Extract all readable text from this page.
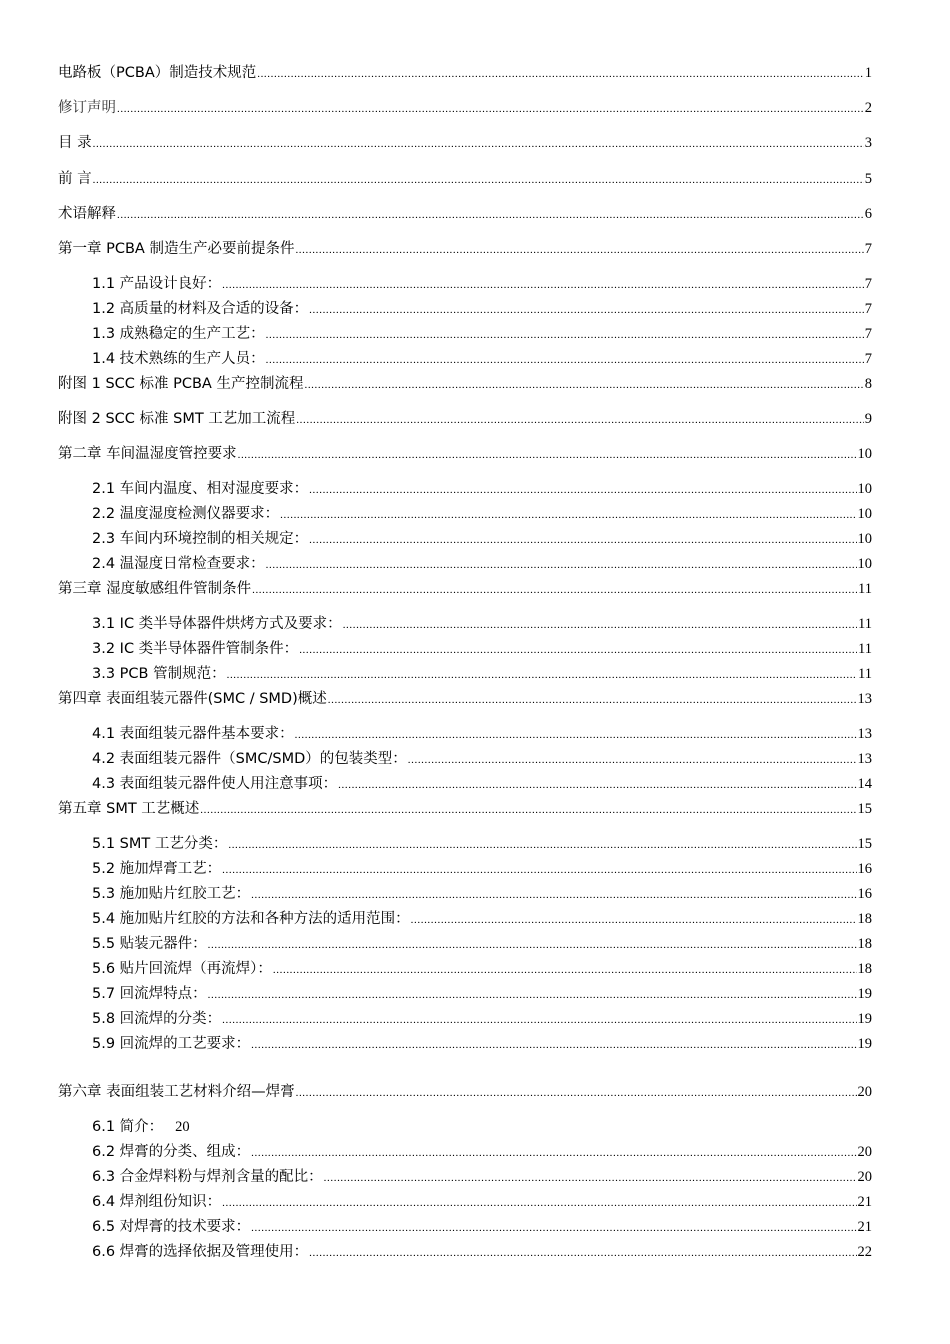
电路板（PCBA）制造技术规范 .....	1
修订声明 .....	2
目 录 .....	3
前 言 .....	5
术语解释 .....	6
第一章 PCBA 制造生产必要前提条件 .....	7
1.1 产品设计良好： .....	7
1.2 高质量的材料及合适的设备： .....	7
1.3 成熟稳定的生产工艺： .....	7
1.4 技术熟练的生产人员： .....	7
附图 1 SCC 标准 PCBA 生产控制流程 .....	8
附图 2 SCC 标准 SMT 工艺加工流程 .....	9
第二章 车间温湿度管控要求 .....	10
2.1 车间内温度、相对湿度要求： .....	10
2.2 温度湿度检测仪器要求： .....	10
2.3 车间内环境控制的相关规定： .....	10
2.4 温湿度日常检查要求： .....	10
第三章 湿度敏感组件管制条件 .....	11
3.1 IC 类半导体器件烘烤方式及要求： .....	11
3.2 IC 类半导体器件管制条件： .....	11
3.3 PCB 管制规范： .....	11
第四章 表面组装元器件(SMC / SMD)概述 .....	13
4.1 表面组装元器件基本要求： .....	13
4.2 表面组装元器件（SMC/SMD）的包装类型： .....	13
4.3 表面组装元器件使人用注意事项： .....	14
第五章 SMT 工艺概述 .....	15
5.1 SMT 工艺分类： .....	15
5.2 施加焊膏工艺： .....	16
5.3 施加贴片红胶工艺： .....	16
5.4 施加贴片红胶的方法和各种方法的适用范围： .....	18
5.5 贴装元器件： .....	18
5.6 贴片回流焊（再流焊）： .....	18
5.7 回流焊特点： .....	19
5.8 回流焊的分类： .....	19
5.9 回流焊的工艺要求： .....	19
第六章 表面组装工艺材料介绍—焊膏 .....	20
6.1 简介： 20
6.2 焊膏的分类、组成： .....	20
6.3 合金焊料粉与焊剂含量的配比： .....	20
6.4 焊剂组份知识： .....	21
6.5 对焊膏的技术要求： .....	21
6.6 焊膏的选择依据及管理使用： .....	22
